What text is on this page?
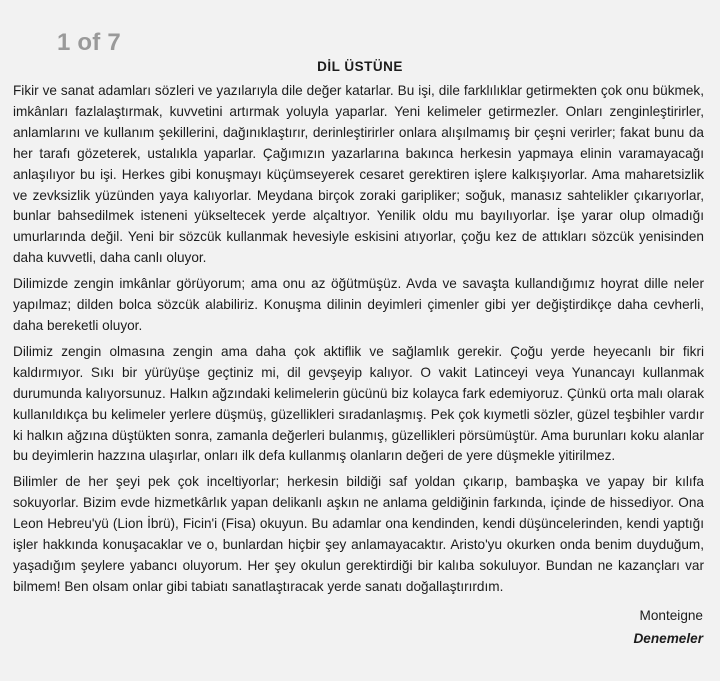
1 of 7
DİL ÜSTÜNE

Fikir ve sanat adamları sözleri ve yazılarıyla dile değer katarlar. Bu işi, dile farklılıklar getirmekten çok onu bükmek, imkânları fazlalaştırmak, kuvvetini artırmak yoluyla yaparlar. Yeni kelimeler getirmezler. Onları zenginleştirirler, anlamlarını ve kullanım şekillerini, dağınıklaştırır, derinleştirirler onlara alışılmamış bir çeşni verirler; fakat bunu da her tarafı gözeterek, ustalıkla yaparlar. Çağımızın yazarlarına bakınca herkesin yapmaya elinin varamayacağı anlaşılıyor bu işi. Herkes gibi konuşmayı küçümseyerek cesaret gerektiren işlere kalkışıyorlar. Ama maharetsizlik ve zevksizlik yüzünden yaya kalıyorlar. Meydana birçok zoraki garipliker; soğuk, manasız sahtelikler çıkarıyorlar, bunlar bahsedilmek isteneni yükseltecek yerde alçaltıyor. Yenilik oldu mu bayılıyorlar. İşe yarar olup olmadığı umurlarında değil. Yeni bir sözcük kullanmak hevesiyle eskisini atıyorlar, çoğu kez de attıkları sözcük yenisinden daha kuvvetli, daha canlı oluyor.

Dilimizde zengin imkânlar görüyorum; ama onu az öğütmüşüz. Avda ve savaşta kullandığımız hoyrat dille neler yapılmaz; dilden bolca sözcük alabiliriz. Konuşma dilinin deyimleri çimenler gibi yer değiştirdikçe daha cevherli, daha bereketli oluyor.

Dilimiz zengin olmasına zengin ama daha çok aktiflik ve sağlamlık gerekir. Çoğu yerde heyecanlı bir fikri kaldırmıyor. Sıkı bir yürüyüşe geçtiniz mi, dil gevşeyip kalıyor. O vakit Latinceyi veya Yunancayı kullanmak durumunda kalıyorsunuz. Halkın ağzındaki kelimelerin gücünü biz kolayca fark edemiyoruz. Çünkü orta malı olarak kullanıldıkça bu kelimeler yerlere düşmüş, güzellikleri sıradanlaşmış. Pek çok kıymetli sözler, güzel teşbihler vardır ki halkın ağzına düştükten sonra, zamanla değerleri bulanmış, güzellikleri pörsümüştür. Ama burunları koku alanlar bu deyimlerin hazzına ulaşırlar, onları ilk defa kullanmış olanların değeri de yere düşmekle yitirilmez.

Bilimler de her şeyi pek çok inceltiyorlar; herkesin bildiği saf yoldan çıkarıp, bambaşka ve yapay bir kılıfa sokuyorlar. Bizim evde hizmetkârlık yapan delikanlı aşkın ne anlama geldiğinin farkında, içinde de hissediyor. Ona Leon Hebreu'yü (Lion İbrü), Ficin'i (Fisa) okuyun. Bu adamlar ona kendinden, kendi düşüncelerinden, kendi yaptığı işler hakkında konuşacaklar ve o, bunlardan hiçbir şey anlamayacaktır. Aristo'yu okurken onda benim duyduğum, yaşadığım şeylere yabancı oluyorum. Her şey okulun gerektirdiği bir kalıba sokuluyor. Bundan ne kazançları var bilmem! Ben olsam onlar gibi tabiatı sanatlaştıracak yerde sanatı doğallaştırırdım.

Monteigne
Denemeler
